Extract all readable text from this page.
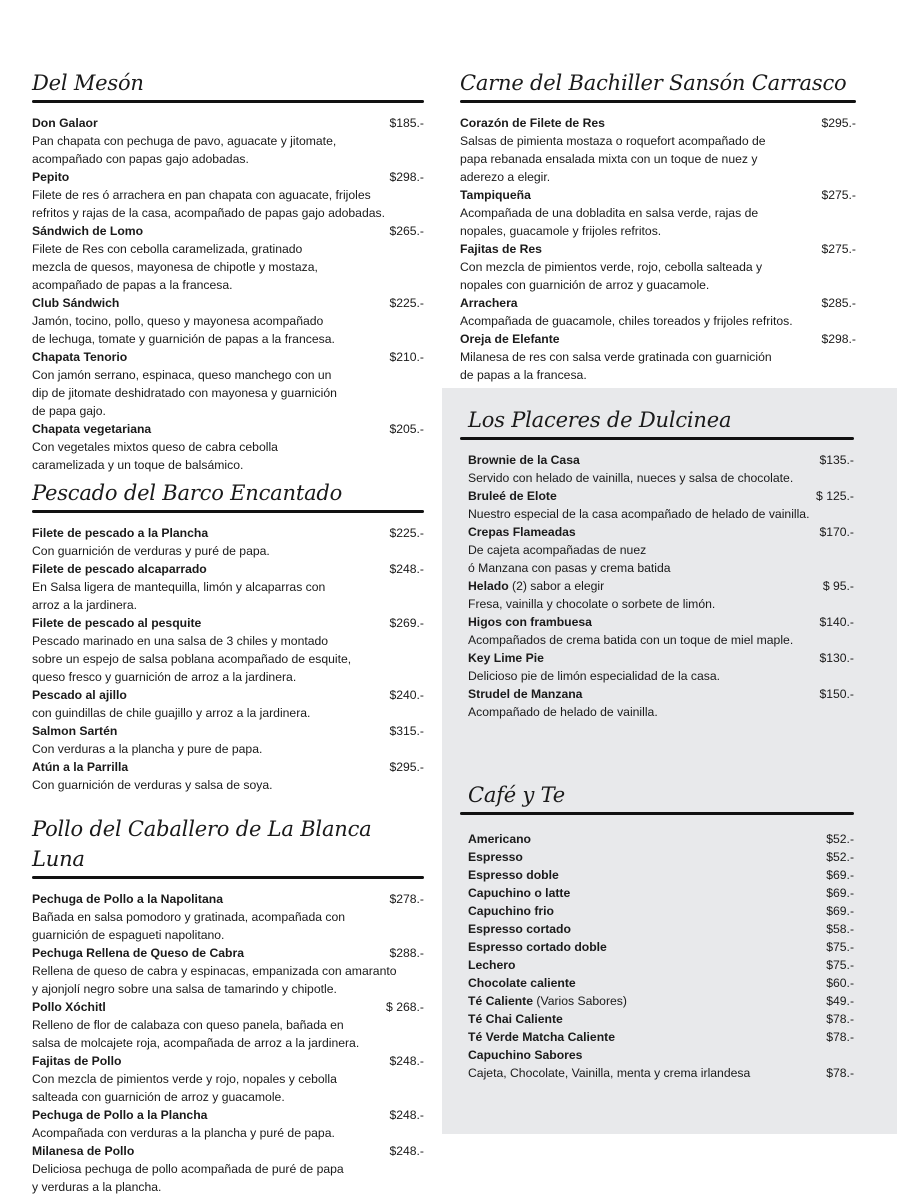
Del Mesón
Don Galaor	$185.-
Pan chapata con pechuga de pavo, aguacate y jitomate,
acompañado con papas gajo adobadas.
Pepito	$298.-
Filete de res ó arrachera en pan chapata con aguacate, frijoles
refritos y rajas de la casa, acompañado de papas gajo adobadas.
Sándwich de Lomo	$265.-
Filete de Res con cebolla caramelizada, gratinado
mezcla de quesos, mayonesa de chipotle y mostaza,
acompañado de papas a la francesa.
Club Sándwich	$225.-
Jamón, tocino, pollo, queso y mayonesa acompañado
de lechuga, tomate y guarnición de papas a la francesa.
Chapata Tenorio	$210.-
Con jamón serrano, espinaca, queso manchego con un
dip de jitomate deshidratado con mayonesa y guarnición
de papa gajo.
Chapata vegetariana	$205.-
Con vegetales mixtos queso de cabra cebolla
caramelizada y un toque de balsámico.
Pescado del Barco Encantado
Filete de pescado a la Plancha	$225.-
Con guarnición de verduras y puré de papa.
Filete de pescado alcaparrado	$248.-
En Salsa ligera de mantequilla, limón y alcaparras con
arroz a la jardinera.
Filete de pescado al pesquite	$269.-
Pescado marinado en una salsa de 3 chiles y montado
sobre un espejo de salsa poblana acompañado de esquite,
queso fresco y guarnición de arroz a la jardinera.
Pescado al ajillo	$240.-
con guindillas de chile guajillo y arroz a la jardinera.
Salmon Sartén	$315.-
Con verduras a la plancha y pure de papa.
Atún a la Parrilla	$295.-
Con guarnición de verduras y salsa de soya.
Pollo del Caballero de La Blanca Luna
Pechuga de Pollo a la Napolitana	$278.-
Bañada en salsa pomodoro y gratinada, acompañada con
guarnición de espagueti napolitano.
Pechuga Rellena de Queso de Cabra	$288.-
Rellena de queso de cabra y espinacas, empanizada con amaranto
y ajonjolí negro sobre una salsa de tamarindo y chipotle.
Pollo Xóchitl	$ 268.-
Relleno de flor de calabaza con queso panela, bañada en
salsa de molcajete roja, acompañada de arroz a la jardinera.
Fajitas de Pollo	$248.-
Con mezcla de pimientos verde y rojo, nopales y cebolla
salteada con guarnición de arroz y guacamole.
Pechuga de Pollo a la Plancha	$248.-
Acompañada con verduras a la plancha y puré de papa.
Milanesa de Pollo	$248.-
Deliciosa pechuga de pollo acompañada de puré de papa
y verduras a la plancha.
Carne del Bachiller Sansón Carrasco
Corazón de Filete de Res	$295.-
Salsas de pimienta mostaza o roquefort acompañado de
papa rebanada ensalada mixta con un toque de nuez y
aderezo a elegir.
Tampiqueña	$275.-
Acompañada de una dobladita en salsa verde, rajas de
nopales, guacamole y frijoles refritos.
Fajitas de Res	$275.-
Con mezcla de pimientos verde, rojo, cebolla salteada y
nopales con guarnición de arroz y guacamole.
Arrachera	$285.-
Acompañada de guacamole, chiles toreados y frijoles refritos.
Oreja de Elefante	$298.-
Milanesa de res con salsa verde gratinada con guarnición
de papas a la francesa.
Los Placeres de Dulcinea
Brownie de la Casa	$135.-
Servido con helado de vainilla, nueces y salsa de chocolate.
Bruleé de Elote	$ 125.-
Nuestro especial de la casa acompañado de helado de vainilla.
Crepas Flameadas	$170.-
De cajeta acompañadas de nuez
ó Manzana con pasas y crema batida
Helado (2) sabor a elegir	$ 95.-
Fresa, vainilla y chocolate o sorbete de limón.
Higos con frambuesa	$140.-
Acompañados de crema batida con un toque de miel maple.
Key Lime Pie	$130.-
Delicioso pie de limón especialidad de la casa.
Strudel de Manzana	$150.-
Acompañado de helado de vainilla.
Café y Te
Americano	$52.-
Espresso	$52.-
Espresso doble	$69.-
Capuchino o latte	$69.-
Capuchino frio	$69.-
Espresso cortado	$58.-
Espresso cortado doble	$75.-
Lechero	$75.-
Chocolate caliente	$60.-
Té Caliente (Varios Sabores)	$49.-
Té Chai Caliente	$78.-
Té Verde Matcha Caliente	$78.-
Capuchino Sabores
Cajeta, Chocolate, Vainilla, menta y crema irlandesa	$78.-
